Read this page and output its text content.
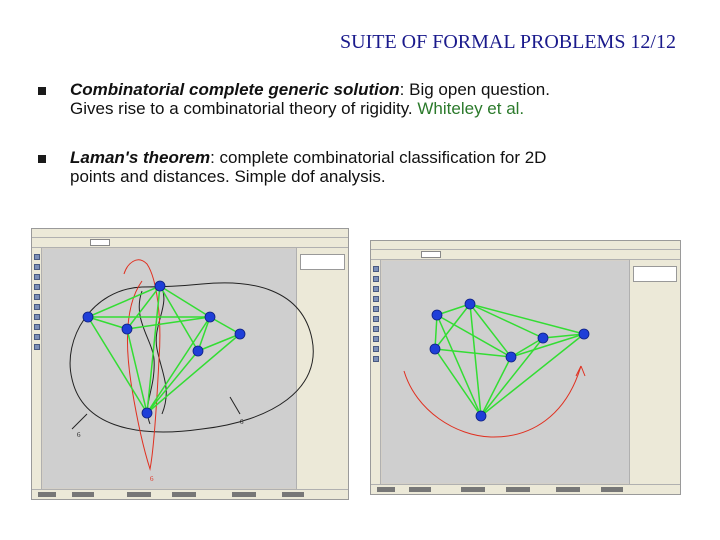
SUITE OF FORMAL PROBLEMS 12/12
Combinatorial complete generic solution: Big open question.
Gives rise to a combinatorial theory of rigidity. Whiteley et al.
Laman's theorem: complete combinatorial classification for 2D
points and distances. Simple dof analysis.
6
6
6
